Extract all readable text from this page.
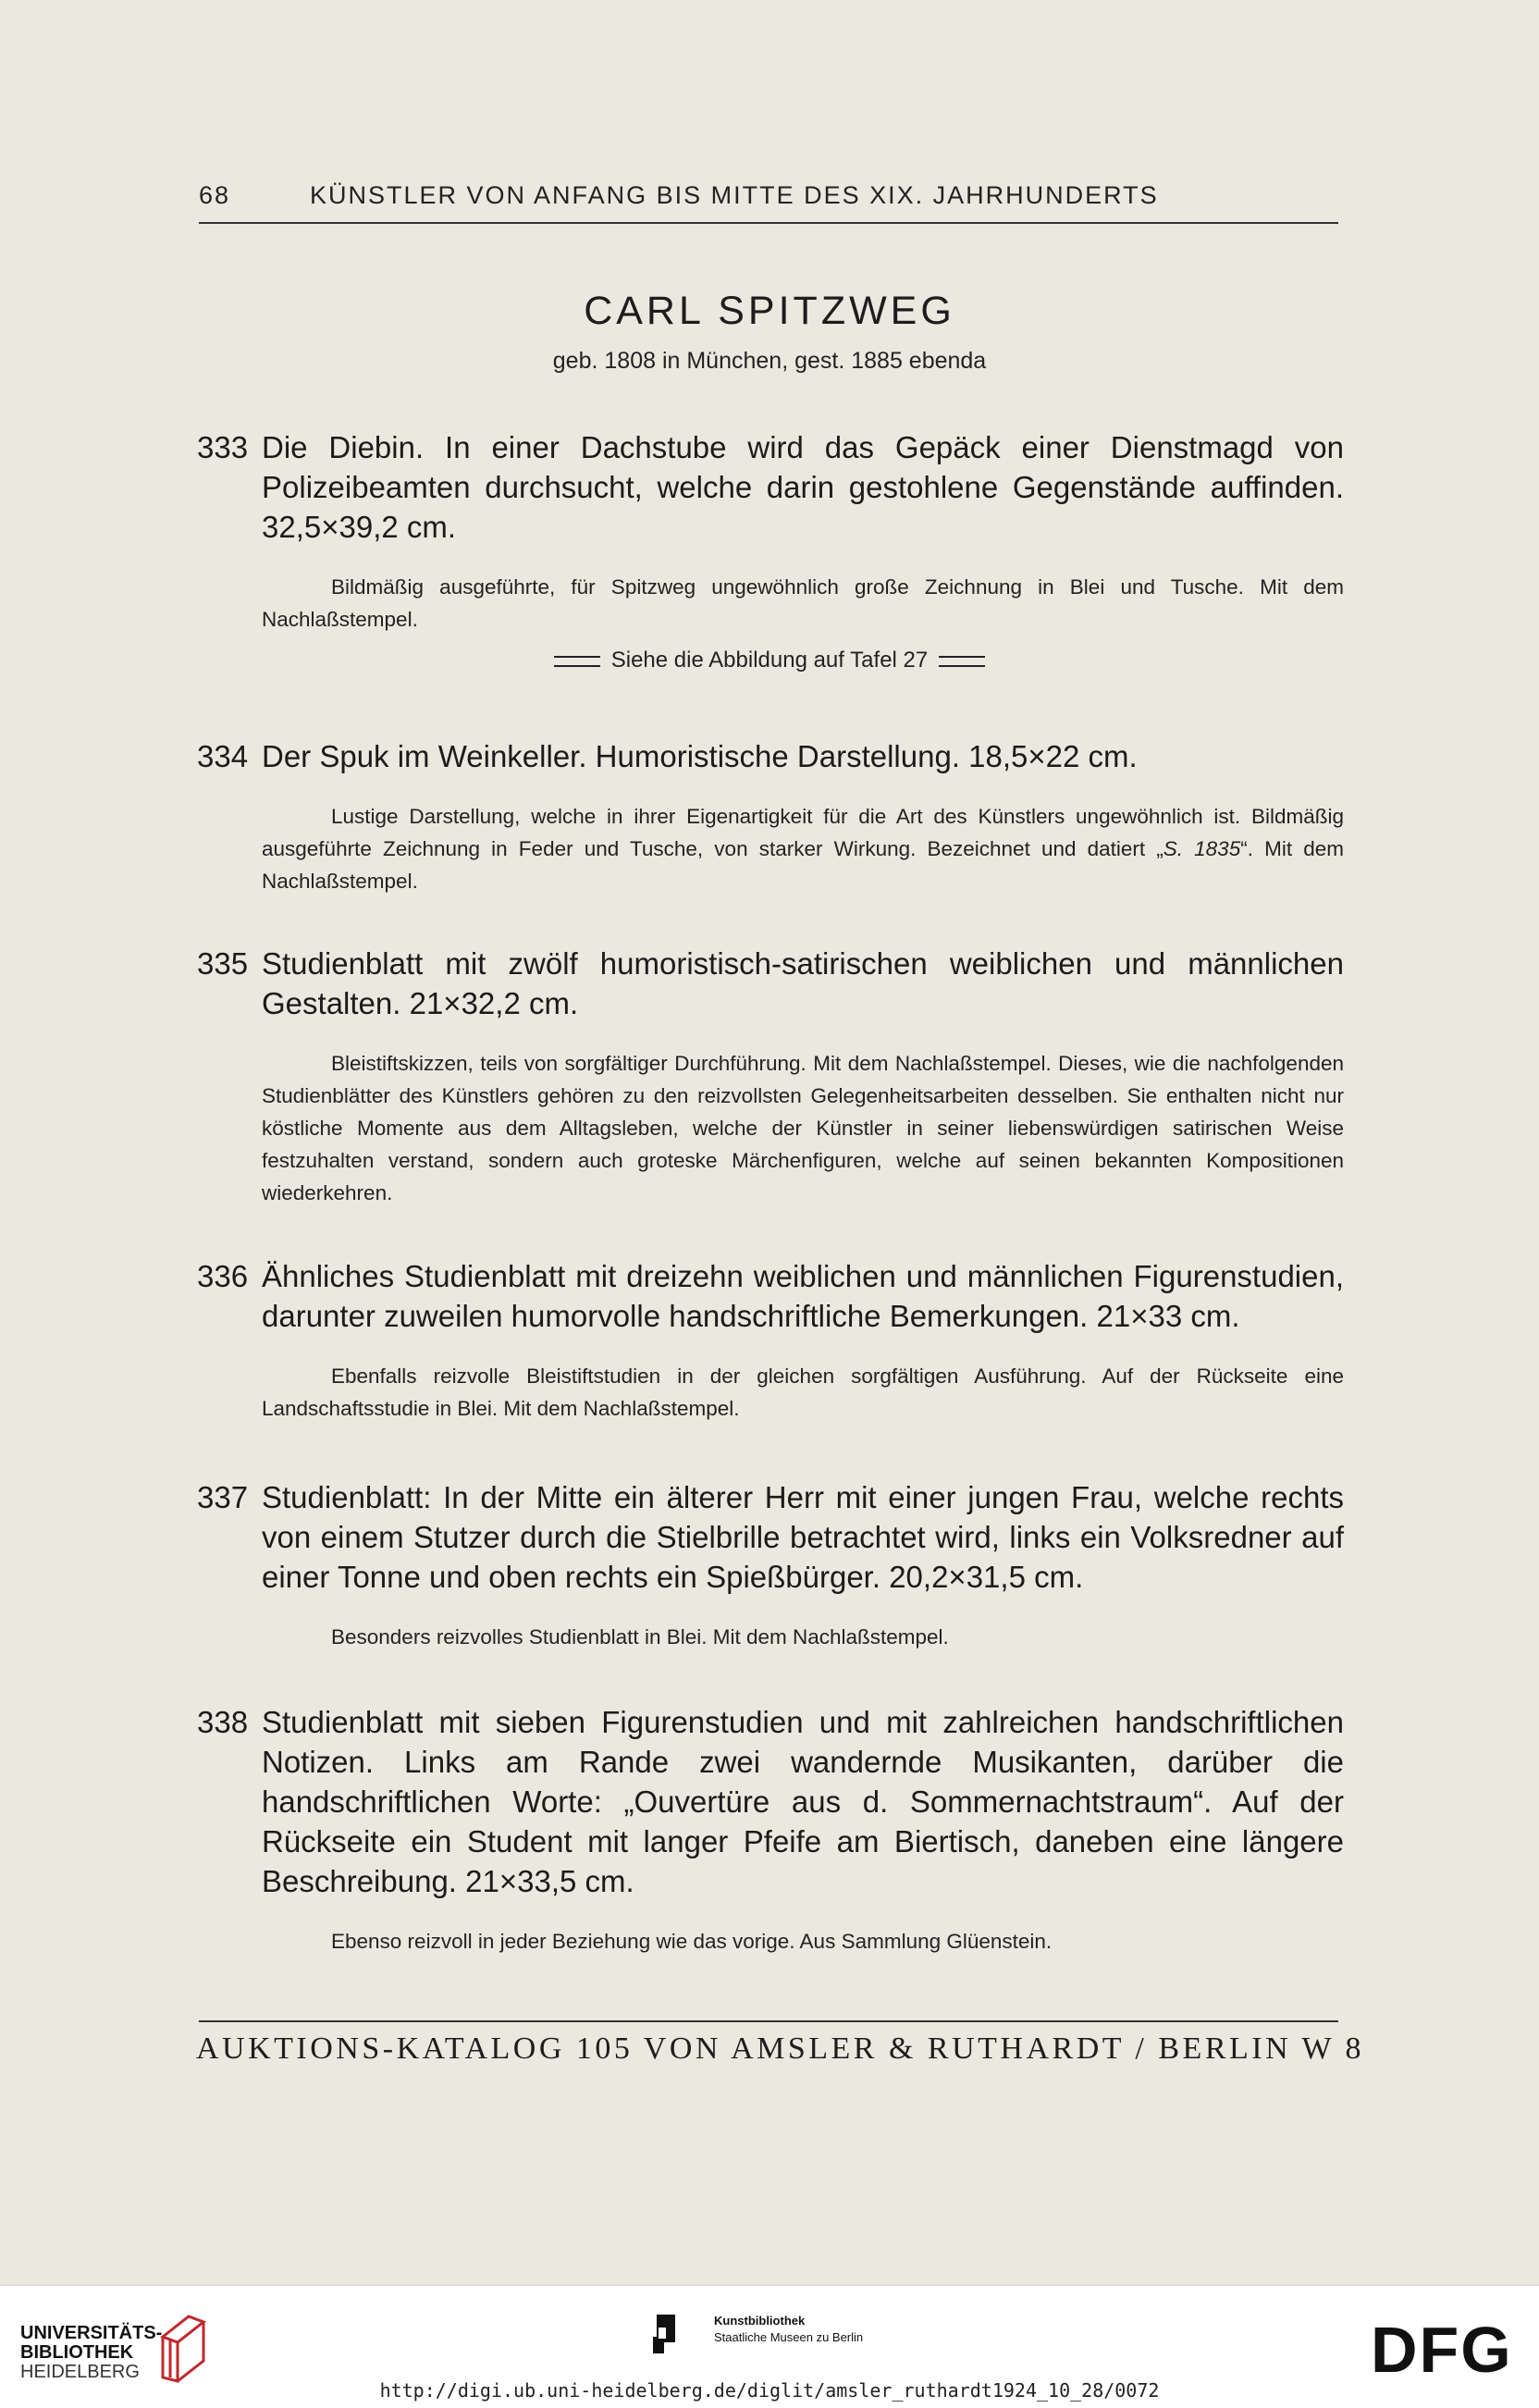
68	KÜNSTLER VON ANFANG BIS MITTE DES XIX. JAHRHUNDERTS
CARL SPITZWEG
geb. 1808 in München, gest. 1885 ebenda
333 Die Diebin. In einer Dachstube wird das Gepäck einer Dienstmagd von Polizeibeamten durchsucht, welche darin gestohlene Gegenstände auffinden. 32,5×39,2 cm.
Bildmäßig ausgeführte, für Spitzweg ungewöhnlich große Zeichnung in Blei und Tusche. Mit dem Nachlaßstempel.
Siehe die Abbildung auf Tafel 27
334 Der Spuk im Weinkeller. Humoristische Darstellung. 18,5×22 cm.
Lustige Darstellung, welche in ihrer Eigenartigkeit für die Art des Künstlers ungewöhnlich ist. Bildmäßig ausgeführte Zeichnung in Feder und Tusche, von starker Wirkung. Bezeichnet und datiert „S. 1835“. Mit dem Nachlaßstempel.
335 Studienblatt mit zwölf humoristisch-satirischen weiblichen und männlichen Gestalten. 21×32,2 cm.
Bleistiftskizzen, teils von sorgfältiger Durchführung. Mit dem Nachlaßstempel. Dieses, wie die nachfolgenden Studienblätter des Künstlers gehören zu den reizvollsten Gelegenheitsarbeiten desselben. Sie enthalten nicht nur köstliche Momente aus dem Alltagsleben, welche der Künstler in seiner liebenswürdigen satirischen Weise festzuhalten verstand, sondern auch groteske Märchenfiguren, welche auf seinen bekannten Kompositionen wiederkehren.
336 Ähnliches Studienblatt mit dreizehn weiblichen und männlichen Figurenstudien, darunter zuweilen humorvolle handschriftliche Bemerkungen. 21×33 cm.
Ebenfalls reizvolle Bleistiftstudien in der gleichen sorgfältigen Ausführung. Auf der Rückseite eine Landschaftsstudie in Blei. Mit dem Nachlaßstempel.
337 Studienblatt: In der Mitte ein älterer Herr mit einer jungen Frau, welche rechts von einem Stutzer durch die Stielbrille betrachtet wird, links ein Volksredner auf einer Tonne und oben rechts ein Spießbürger. 20,2×31,5 cm.
Besonders reizvolles Studienblatt in Blei. Mit dem Nachlaßstempel.
338 Studienblatt mit sieben Figurenstudien und mit zahlreichen handschriftlichen Notizen. Links am Rande zwei wandernde Musikanten, darüber die handschriftlichen Worte: „Ouvertüre aus d. Sommernachtstraum“. Auf der Rückseite ein Student mit langer Pfeife am Biertisch, daneben eine längere Beschreibung. 21×33,5 cm.
Ebenso reizvoll in jeder Beziehung wie das vorige. Aus Sammlung Glüenstein.
AUKTIONS-KATALOG 105 VON AMSLER & RUTHARDT / BERLIN W 8
UNIVERSITÄTS-
BIBLIOTHEK
HEIDELBERG
Kunstbibliothek
Staatliche Museen zu Berlin	DFG
http://digi.ub.uni-heidelberg.de/diglit/amsler_ruthardt1924_10_28/0072
